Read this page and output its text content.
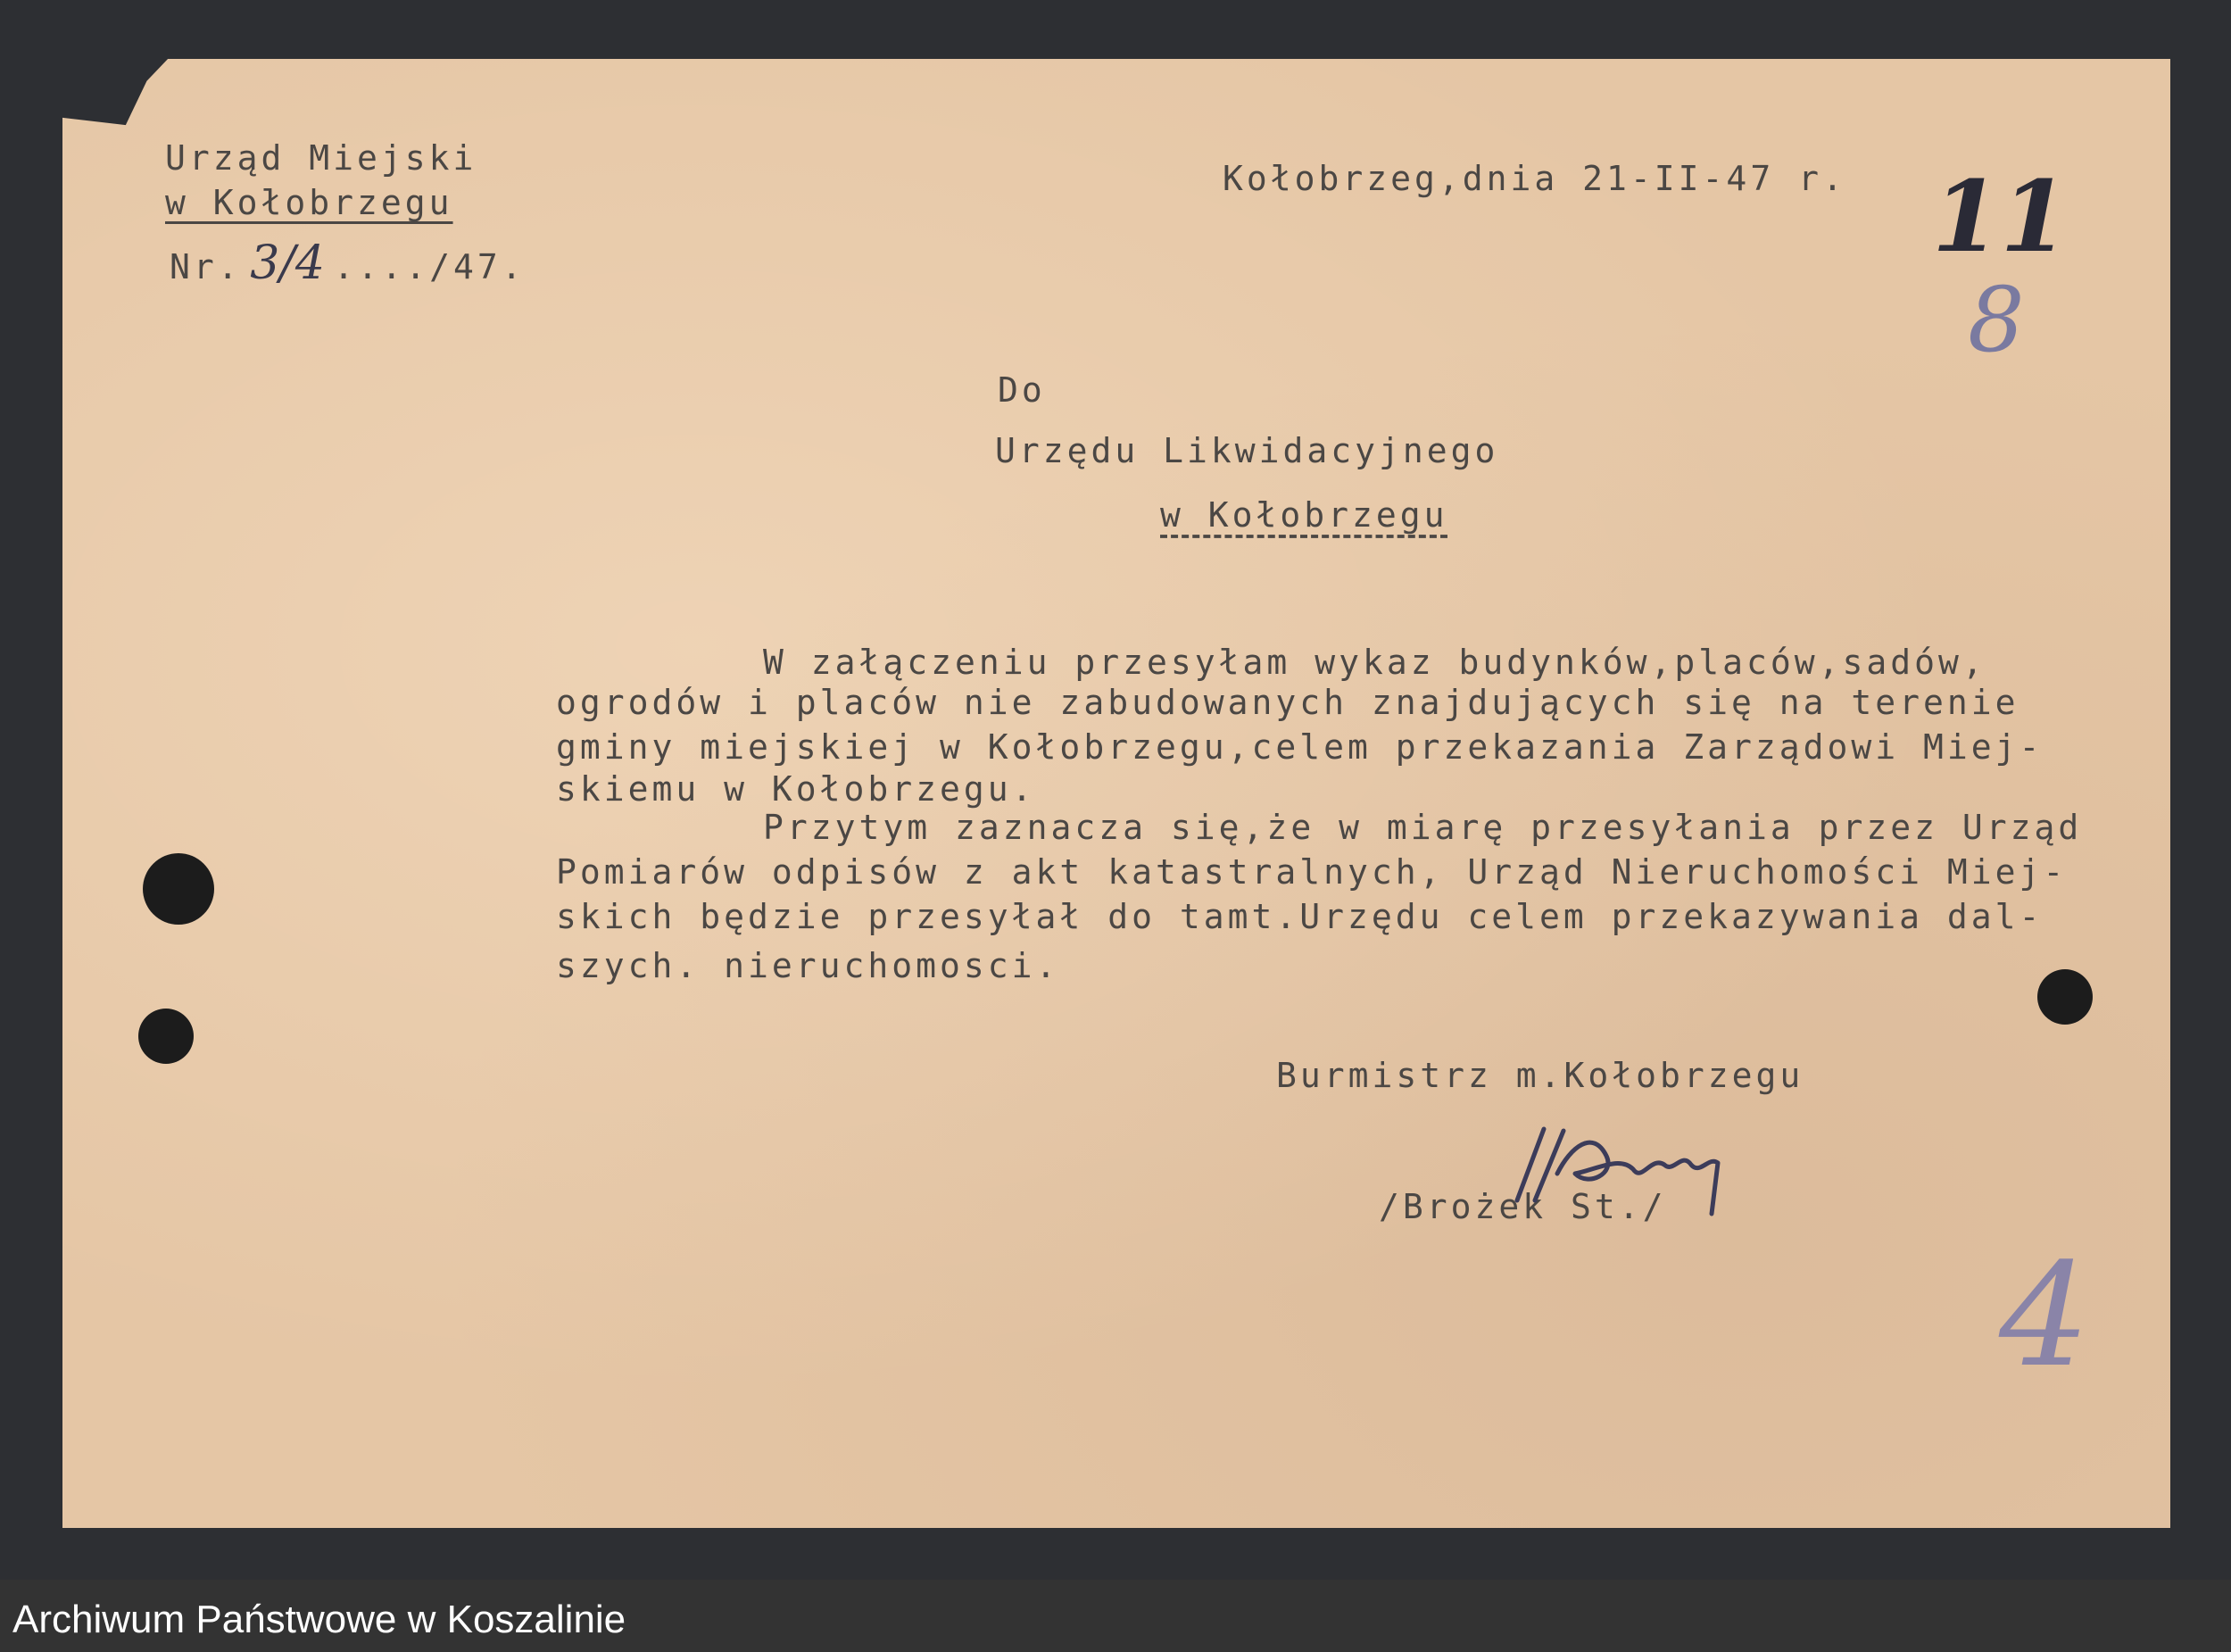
Urząd Miejski
w Kołobrzegu
Nr. 3/4 ..../47.
Kołobrzeg,dnia 21-II-47 r. 11
8
4
Do
Urzędu Likwidacyjnego
w Kołobrzegu
W załączeniu przesyłam wykaz budynków,placów,sadów,
ogrodów i placów nie zabudowanych znajdujących się na terenie
gminy miejskiej w Kołobrzegu,celem przekazania Zarządowi Miej-
skiemu w Kołobrzegu.
Przytym zaznacza się,że w miarę przesyłania przez Urząd
Pomiarów odpisów z akt katastralnych, Urząd Nieruchomości Miej-
skich będzie przesyłał do tamt.Urzędu celem przekazywania dal-
szych. nieruchomosci.
Burmistrz m.Kołobrzegu
/Brożek St./
Archiwum Państwowe w Koszalinie
